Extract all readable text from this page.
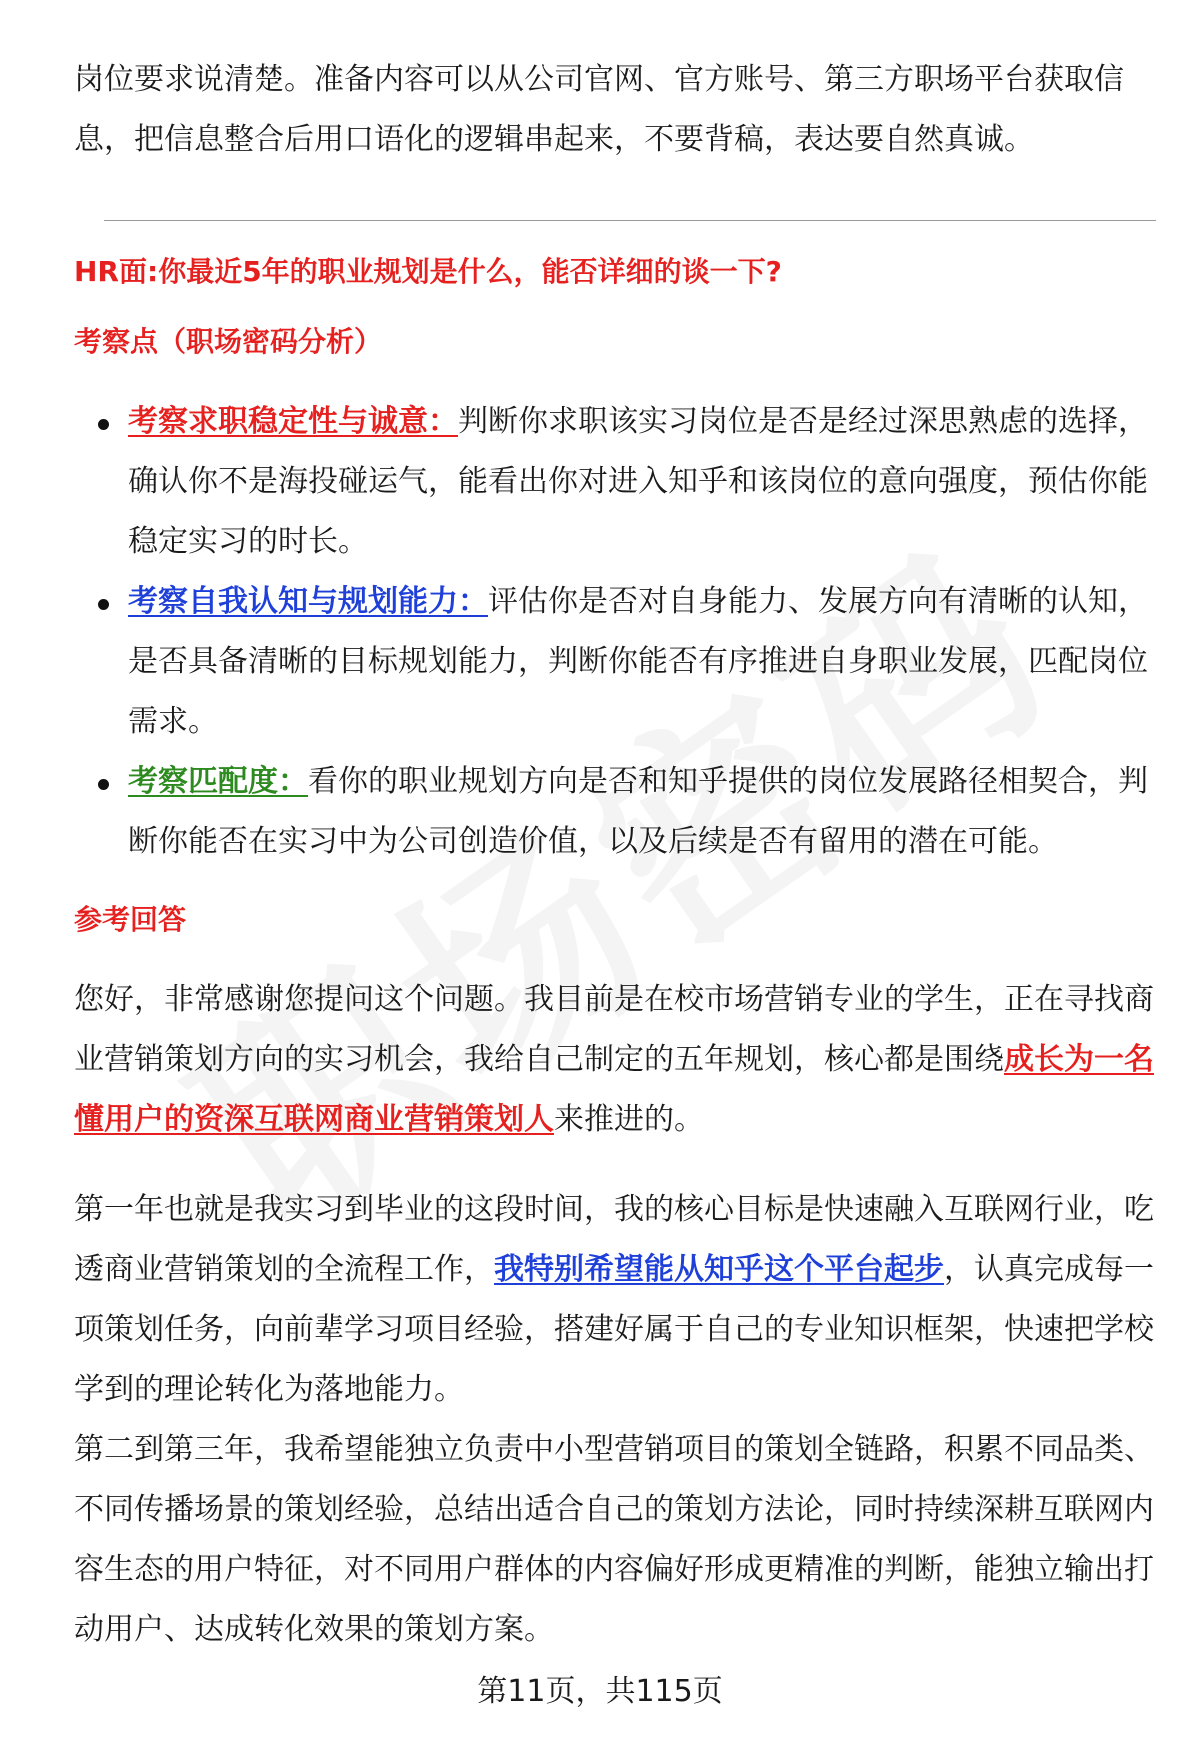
岗位要求说清楚。准备内容可以从公司官网、官方账号、第三方职场平台获取信息，把信息整合后用口语化的逻辑串起来，不要背稿，表达要自然真诚。

HR面:你最近5年的职业规划是什么，能否详细的谈一下?

考察点（职场密码分析）

考察求职稳定性与诚意：判断你求职该实习岗位是否是经过深思熟虑的选择，确认你不是海投碰运气，能看出你对进入知乎和该岗位的意向强度，预估你能稳定实习的时长。

考察自我认知与规划能力：评估你是否对自身能力、发展方向有清晰的认知，是否具备清晰的目标规划能力，判断你能否有序推进自身职业发展，匹配岗位需求。

考察匹配度：看你的职业规划方向是否和知乎提供的岗位发展路径相契合，判断你能否在实习中为公司创造价值，以及后续是否有留用的潜在可能。

参考回答

您好，非常感谢您提问这个问题。我目前是在校市场营销专业的学生，正在寻找商业营销策划方向的实习机会，我给自己制定的五年规划，核心都是围绕成长为一名懂用户的资深互联网商业营销策划人来推进的。

第一年也就是我实习到毕业的这段时间，我的核心目标是快速融入互联网行业，吃透商业营销策划的全流程工作，我特别希望能从知乎这个平台起步，认真完成每一项策划任务，向前辈学习项目经验，搭建好属于自己的专业知识框架，快速把学校学到的理论转化为落地能力。

第二到第三年，我希望能独立负责中小型营销项目的策划全链路，积累不同品类、不同传播场景的策划经验，总结出适合自己的策划方法论，同时持续深耕互联网内容生态的用户特征，对不同用户群体的内容偏好形成更精准的判断，能独立输出打动用户、达成转化效果的策划方案。

第11页，共115页
